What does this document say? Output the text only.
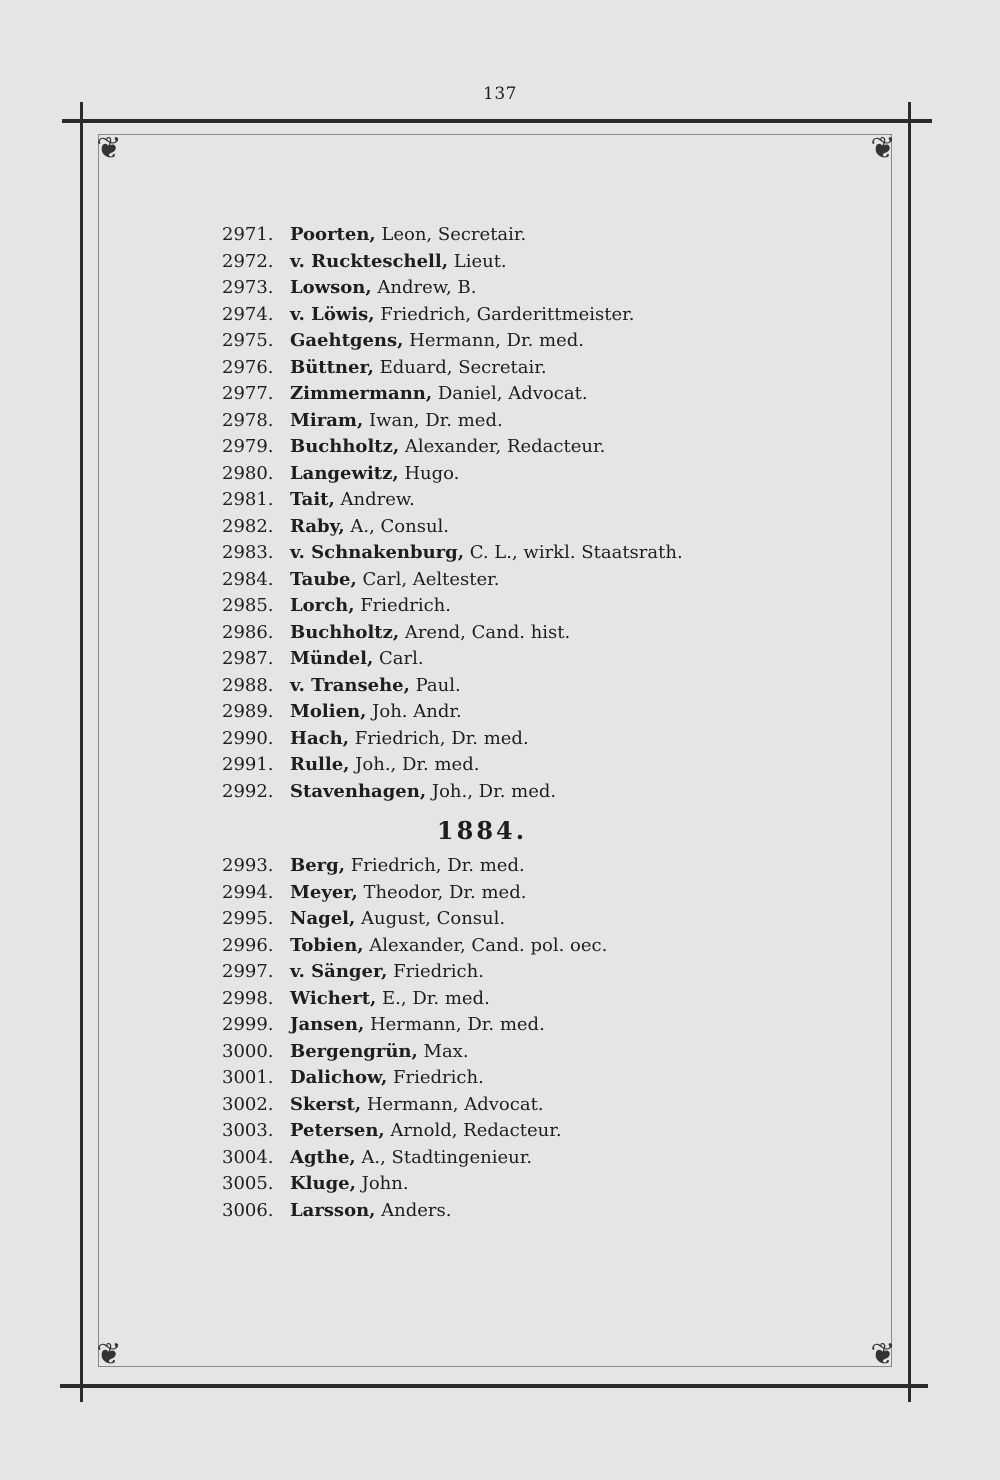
137
❦	❦
❦	❦
2971. Poorten, Leon, Secretair.
2972. v. Ruckteschell, Lieut.
2973. Lowson, Andrew, B.
2974. v. Löwis, Friedrich, Garderittmeister.
2975. Gaehtgens, Hermann, Dr. med.
2976. Büttner, Eduard, Secretair.
2977. Zimmermann, Daniel, Advocat.
2978. Miram, Iwan, Dr. med.
2979. Buchholtz, Alexander, Redacteur.
2980. Langewitz, Hugo.
2981. Tait, Andrew.
2982. Raby, A., Consul.
2983. v. Schnakenburg, C. L., wirkl. Staatsrath.
2984. Taube, Carl, Aeltester.
2985. Lorch, Friedrich.
2986. Buchholtz, Arend, Cand. hist.
2987. Mündel, Carl.
2988. v. Transehe, Paul.
2989. Molien, Joh. Andr.
2990. Hach, Friedrich, Dr. med.
2991. Rulle, Joh., Dr. med.
2992. Stavenhagen, Joh., Dr. med.
1884.
2993. Berg, Friedrich, Dr. med.
2994. Meyer, Theodor, Dr. med.
2995. Nagel, August, Consul.
2996. Tobien, Alexander, Cand. pol. oec.
2997. v. Sänger, Friedrich.
2998. Wichert, E., Dr. med.
2999. Jansen, Hermann, Dr. med.
3000. Bergengrün, Max.
3001. Dalichow, Friedrich.
3002. Skerst, Hermann, Advocat.
3003. Petersen, Arnold, Redacteur.
3004. Agthe, A., Stadtingenieur.
3005. Kluge, John.
3006. Larsson, Anders.
